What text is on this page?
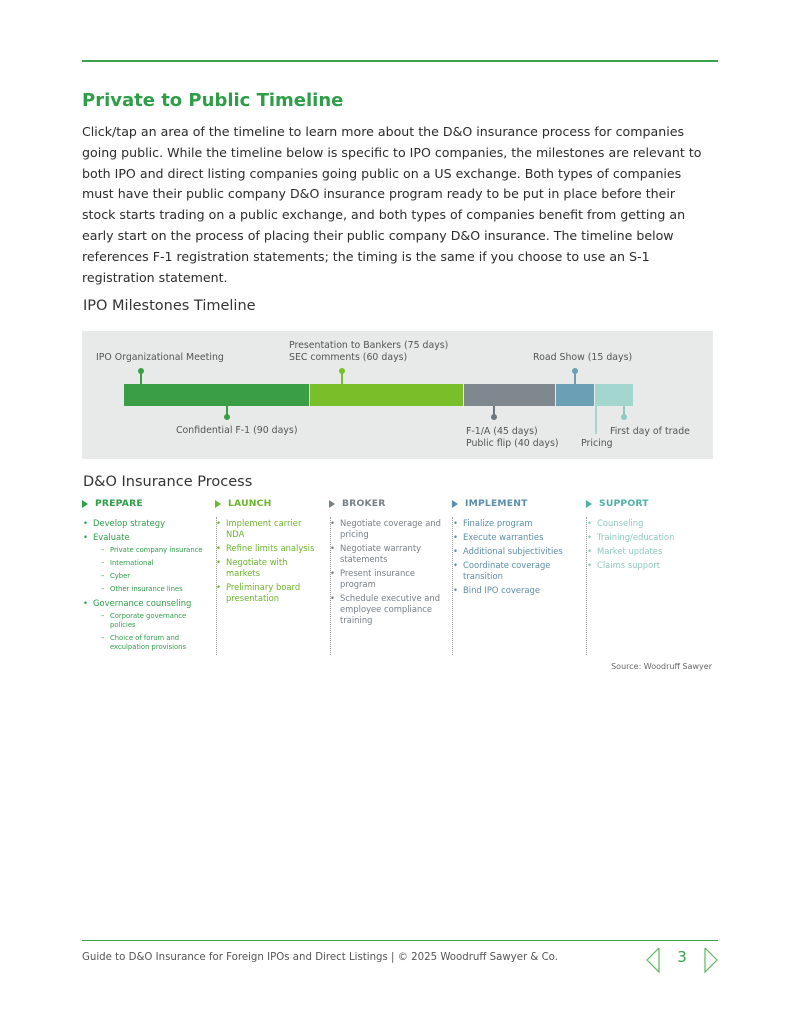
Private to Public Timeline

Click/tap an area of the timeline to learn more about the D&O insurance process for companies going public. While the timeline below is specific to IPO companies, the milestones are relevant to both IPO and direct listing companies going public on a US exchange. Both types of companies must have their public company D&O insurance program ready to be put in place before their stock starts trading on a public exchange, and both types of companies benefit from getting an early start on the process of placing their public company D&O insurance. The timeline below references F-1 registration statements; the timing is the same if you choose to use an S-1 registration statement.

IPO Milestones Timeline
IPO Organizational Meeting
Presentation to Bankers (75 days)
SEC comments (60 days)	Road Show (15 days)
Confidential F-1 (90 days)	F-1/A (45 days)
Public flip (40 days) Pricing
First day of trade
D&O Insurance Process
PREPARE
• Develop strategy
• Evaluate
– Private company insurance
– International
– Cyber
– Other insurance lines
• Governance counseling
– Corporate governance policies
– Choice of forum and exculpation provisions
LAUNCH
• Implement carrier NDA
• Refine limits analysis
• Negotiate with markets
• Preliminary board presentation
BROKER
• Negotiate coverage and pricing
• Negotiate warranty statements
• Present insurance program
• Schedule executive and employee compliance training
IMPLEMENT
• Finalize program
• Execute warranties
• Additional subjectivities
• Coordinate coverage transition
• Bind IPO coverage
SUPPORT
• Counseling
• Training/education
• Market updates
• Claims support
Source: Woodruff Sawyer
Guide to D&O Insurance for Foreign IPOs and Direct Listings | © 2025 Woodruff Sawyer & Co.	3
